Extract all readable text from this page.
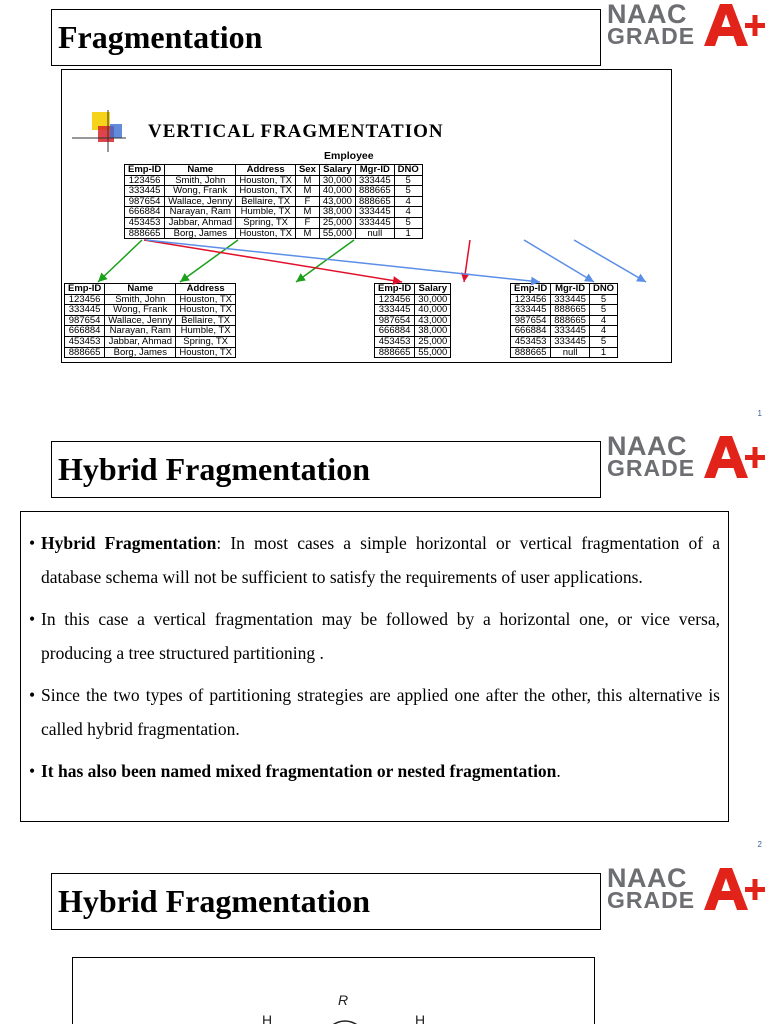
Fragmentation
NAAC
GRADE
VERTICAL FRAGMENTATION
Employee
Emp-ID	Name	Address	Sex	Salary	Mgr-ID	DNO
123456	Smith, John	Houston, TX	M	30,000	333445	5
333445	Wong, Frank	Houston, TX	M	40,000	888665	5
987654	Wallace, Jenny	Bellaire, TX	F	43,000	888665	4
666884	Narayan, Ram	Humble, TX	M	38,000	333445	4
453453	Jabbar, Ahmad	Spring, TX	F	25,000	333445	5
888665	Borg, James	Houston, TX	M	55,000	null	1
Emp-ID	Name	Address
123456	Smith, John	Houston, TX
333445	Wong, Frank	Houston, TX
987654	Wallace, Jenny	Bellaire, TX
666884	Narayan, Ram	Humble, TX
453453	Jabbar, Ahmad	Spring, TX
888665	Borg, James	Houston, TX
Emp-ID	Salary
123456	30,000
333445	40,000
987654	43,000
666884	38,000
453453	25,000
888665	55,000
Emp-ID	Mgr-ID	DNO
123456	333445	5
333445	888665	5
987654	888665	4
666884	333445	4
453453	333445	5
888665	null	1
1
Hybrid Fragmentation
NAAC
GRADE
• Hybrid Fragmentation: In most cases a simple horizontal or vertical fragmentation of a database schema will not be sufficient to satisfy the requirements of user applications.
• In this case a vertical fragmentation may be followed by a horizontal one, or vice versa, producing a tree structured partitioning .
• Since the two types of partitioning strategies are applied one after the other, this alternative is called hybrid fragmentation.
• It has also been named mixed fragmentation or nested fragmentation.
2
Hybrid Fragmentation
NAAC
GRADE
R
H	H
